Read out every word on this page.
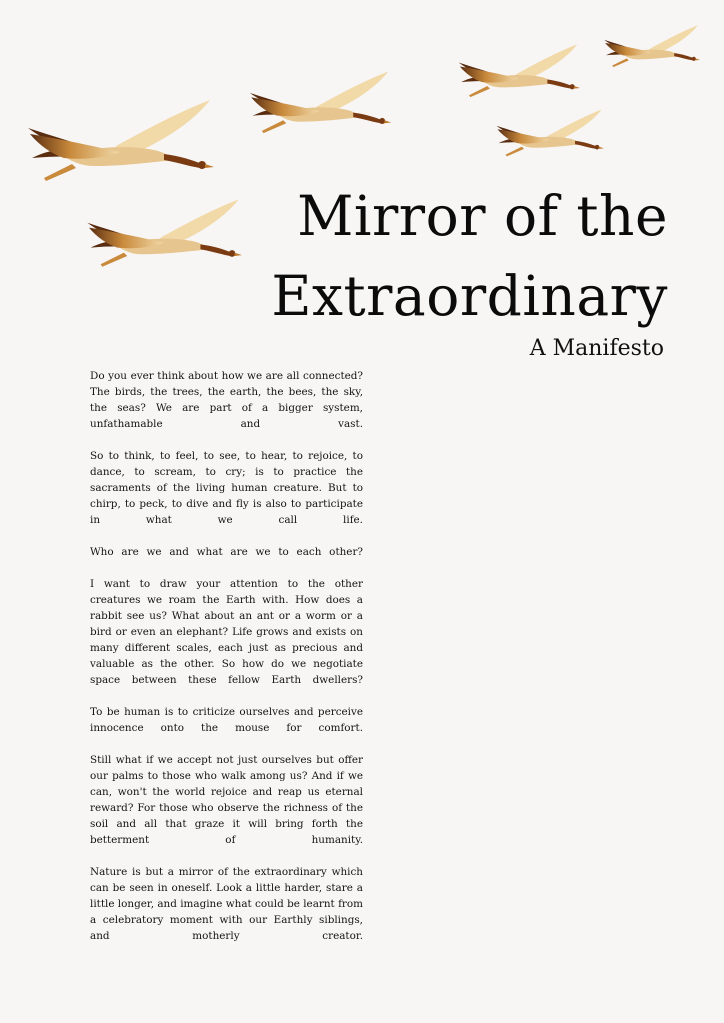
Mirror of the
Extraordinary
A Manifesto

Do you ever think about how we are all connected? The birds, the trees, the earth, the bees, the sky, the seas? We are part of a bigger system, unfathamable and vast.

So to think, to feel, to see, to hear, to rejoice, to dance, to scream, to cry; is to practice the sacraments of the living human creature. But to chirp, to peck, to dive and fly is also to participate in what we call life.

Who are we and what are we to each other?

I want to draw your attention to the other creatures we roam the Earth with. How does a rabbit see us? What about an ant or a worm or a bird or even an elephant? Life grows and exists on many different scales, each just as precious and valuable as the other. So how do we negotiate space between these fellow Earth dwellers?

To be human is to criticize ourselves and perceive innocence onto the mouse for comfort.

Still what if we accept not just ourselves but offer our palms to those who walk among us? And if we can, won't the world rejoice and reap us eternal reward? For those who observe the richness of the soil and all that graze it will bring forth the betterment of humanity.

Nature is but a mirror of the extraordinary which can be seen in oneself. Look a little harder, stare a little longer, and imagine what could be learnt from a celebratory moment with our Earthly siblings, and motherly creator.
